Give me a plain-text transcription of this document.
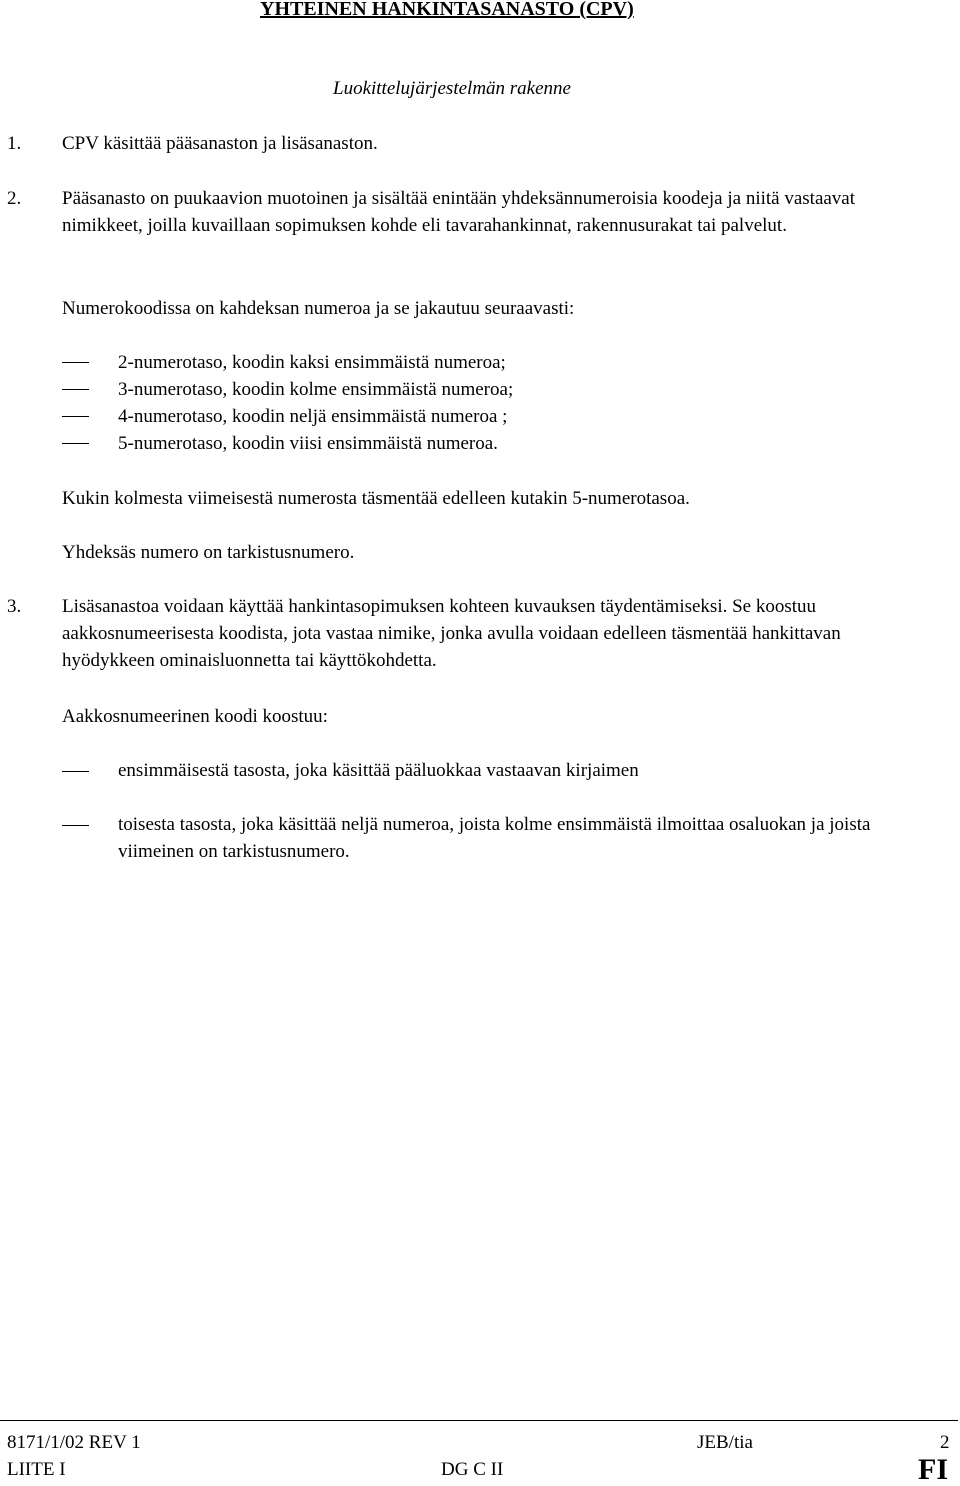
YHTEINEN HANKINTASANASTO (CPV)
Luokittelujärjestelmän rakenne
1. CPV käsittää pääsanaston ja lisäsanaston.
2. Pääsanasto on puukaavion muotoinen ja sisältää enintään yhdeksännumeroisia koodeja ja niitä vastaavat nimikkeet, joilla kuvaillaan sopimuksen kohde eli tavarahankinnat, rakennusurakat tai palvelut.
Numerokoodissa on kahdeksan numeroa ja se jakautuu seuraavasti:
2-numerotaso, koodin kaksi ensimmäistä numeroa;
3-numerotaso, koodin kolme ensimmäistä numeroa;
4-numerotaso, koodin neljä ensimmäistä numeroa ;
5-numerotaso, koodin viisi ensimmäistä numeroa.
Kukin kolmesta viimeisestä numerosta täsmentää edelleen kutakin 5-numerotasoa.
Yhdeksäs numero on tarkistusnumero.
3. Lisäsanastoa voidaan käyttää hankintasopimuksen kohteen kuvauksen täydentämiseksi. Se koostuu aakkosnumeerisesta koodista, jota vastaa nimike, jonka avulla voidaan edelleen täsmentää hankittavan hyödykkeen ominaisluonnetta tai käyttökohdetta.
Aakkosnumeerinen koodi koostuu:
ensimmäisestä tasosta, joka käsittää pääluokkaa vastaavan kirjaimen
toisesta tasosta, joka käsittää neljä numeroa, joista kolme ensimmäistä ilmoittaa osaluokan ja joista viimeinen on tarkistusnumero.
8171/1/02 REV 1	JEB/tia	2
LIITE I	DG C II	FI
